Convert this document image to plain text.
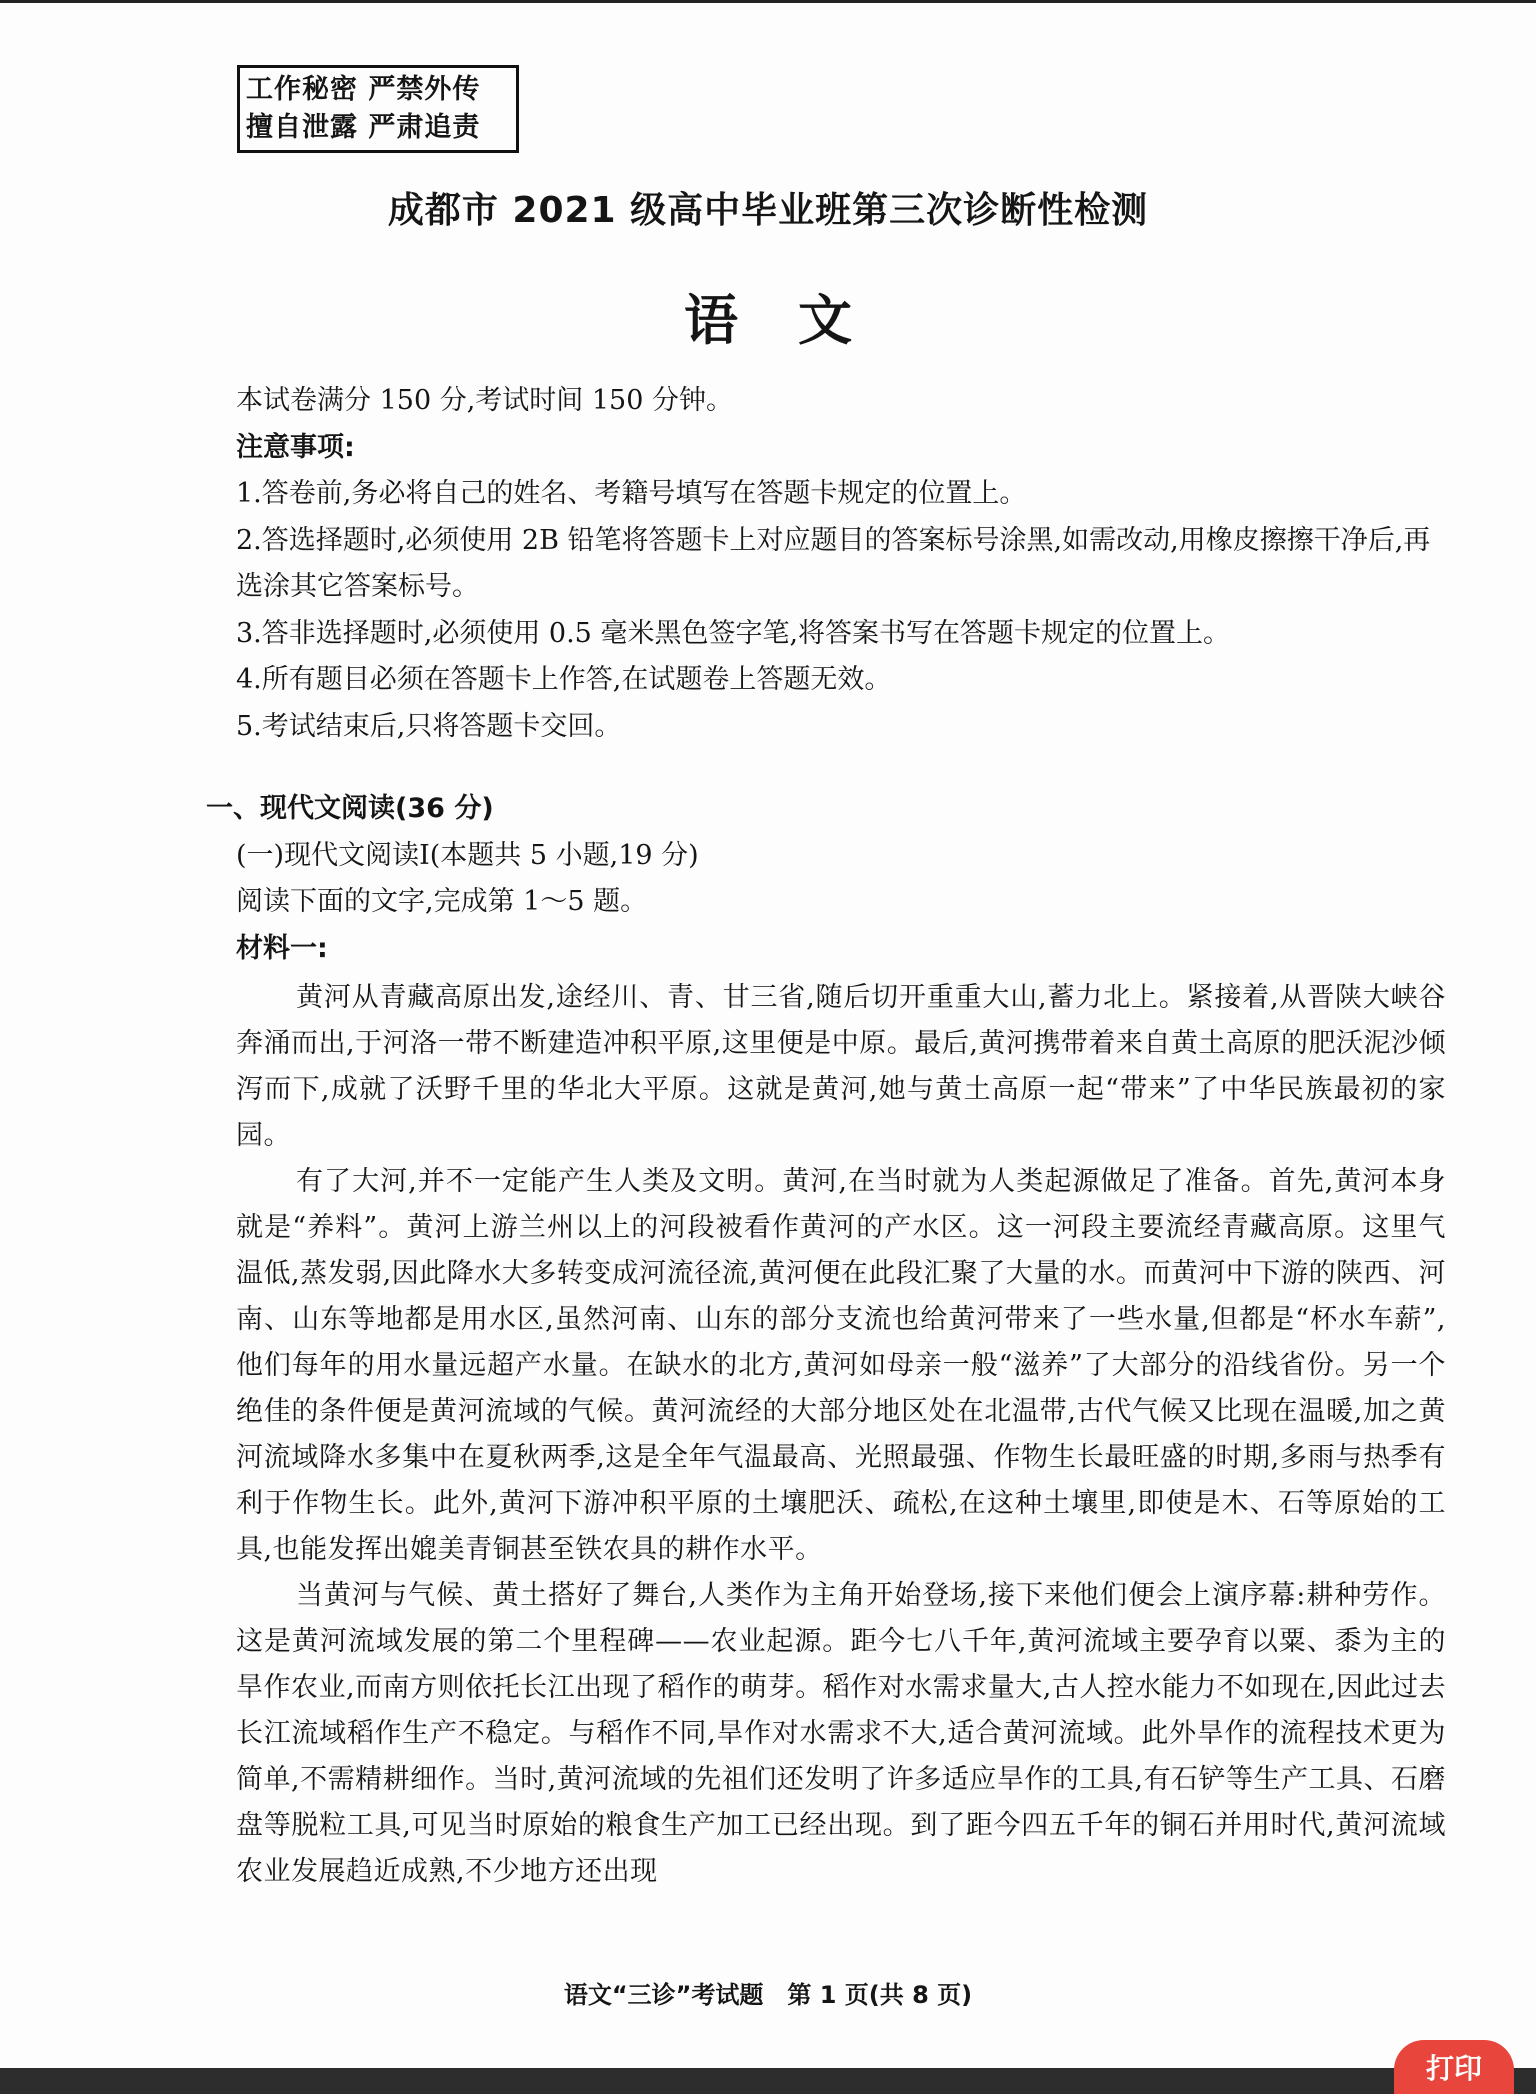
工作秘密 严禁外传
擅自泄露 严肃追责
成都市 2021 级高中毕业班第三次诊断性检测
语文

本试卷满分 150 分,考试时间 150 分钟。

注意事项:

1.答卷前,务必将自己的姓名、考籍号填写在答题卡规定的位置上。

2.答选择题时,必须使用 2B 铅笔将答题卡上对应题目的答案标号涂黑,如需改动,用橡皮擦擦干净后,再选涂其它答案标号。

3.答非选择题时,必须使用 0.5 毫米黑色签字笔,将答案书写在答题卡规定的位置上。

4.所有题目必须在答题卡上作答,在试题卷上答题无效。

5.考试结束后,只将答题卡交回。

一、现代文阅读(36 分)

(一)现代文阅读Ⅰ(本题共 5 小题,19 分)

阅读下面的文字,完成第 1～5 题。

材料一:

黄河从青藏高原出发,途经川、青、甘三省,随后切开重重大山,蓄力北上。紧接着,从晋陕大峡谷奔涌而出,于河洛一带不断建造冲积平原,这里便是中原。最后,黄河携带着来自黄土高原的肥沃泥沙倾泻而下,成就了沃野千里的华北大平原。这就是黄河,她与黄土高原一起“带来”了中华民族最初的家园。

有了大河,并不一定能产生人类及文明。黄河,在当时就为人类起源做足了准备。首先,黄河本身就是“养料”。黄河上游兰州以上的河段被看作黄河的产水区。这一河段主要流经青藏高原。这里气温低,蒸发弱,因此降水大多转变成河流径流,黄河便在此段汇聚了大量的水。而黄河中下游的陕西、河南、山东等地都是用水区,虽然河南、山东的部分支流也给黄河带来了一些水量,但都是“杯水车薪”,他们每年的用水量远超产水量。在缺水的北方,黄河如母亲一般“滋养”了大部分的沿线省份。另一个绝佳的条件便是黄河流域的气候。黄河流经的大部分地区处在北温带,古代气候又比现在温暖,加之黄河流域降水多集中在夏秋两季,这是全年气温最高、光照最强、作物生长最旺盛的时期,多雨与热季有利于作物生长。此外,黄河下游冲积平原的土壤肥沃、疏松,在这种土壤里,即使是木、石等原始的工具,也能发挥出媲美青铜甚至铁农具的耕作水平。

当黄河与气候、黄土搭好了舞台,人类作为主角开始登场,接下来他们便会上演序幕:耕种劳作。这是黄河流域发展的第二个里程碑——农业起源。距今七八千年,黄河流域主要孕育以粟、黍为主的旱作农业,而南方则依托长江出现了稻作的萌芽。稻作对水需求量大,古人控水能力不如现在,因此过去长江流域稻作生产不稳定。与稻作不同,旱作对水需求不大,适合黄河流域。此外旱作的流程技术更为简单,不需精耕细作。当时,黄河流域的先祖们还发明了许多适应旱作的工具,有石铲等生产工具、石磨盘等脱粒工具,可见当时原始的粮食生产加工已经出现。到了距今四五千年的铜石并用时代,黄河流域农业发展趋近成熟,不少地方还出现

语文“三诊”考试题　第 1 页(共 8 页)
打印
